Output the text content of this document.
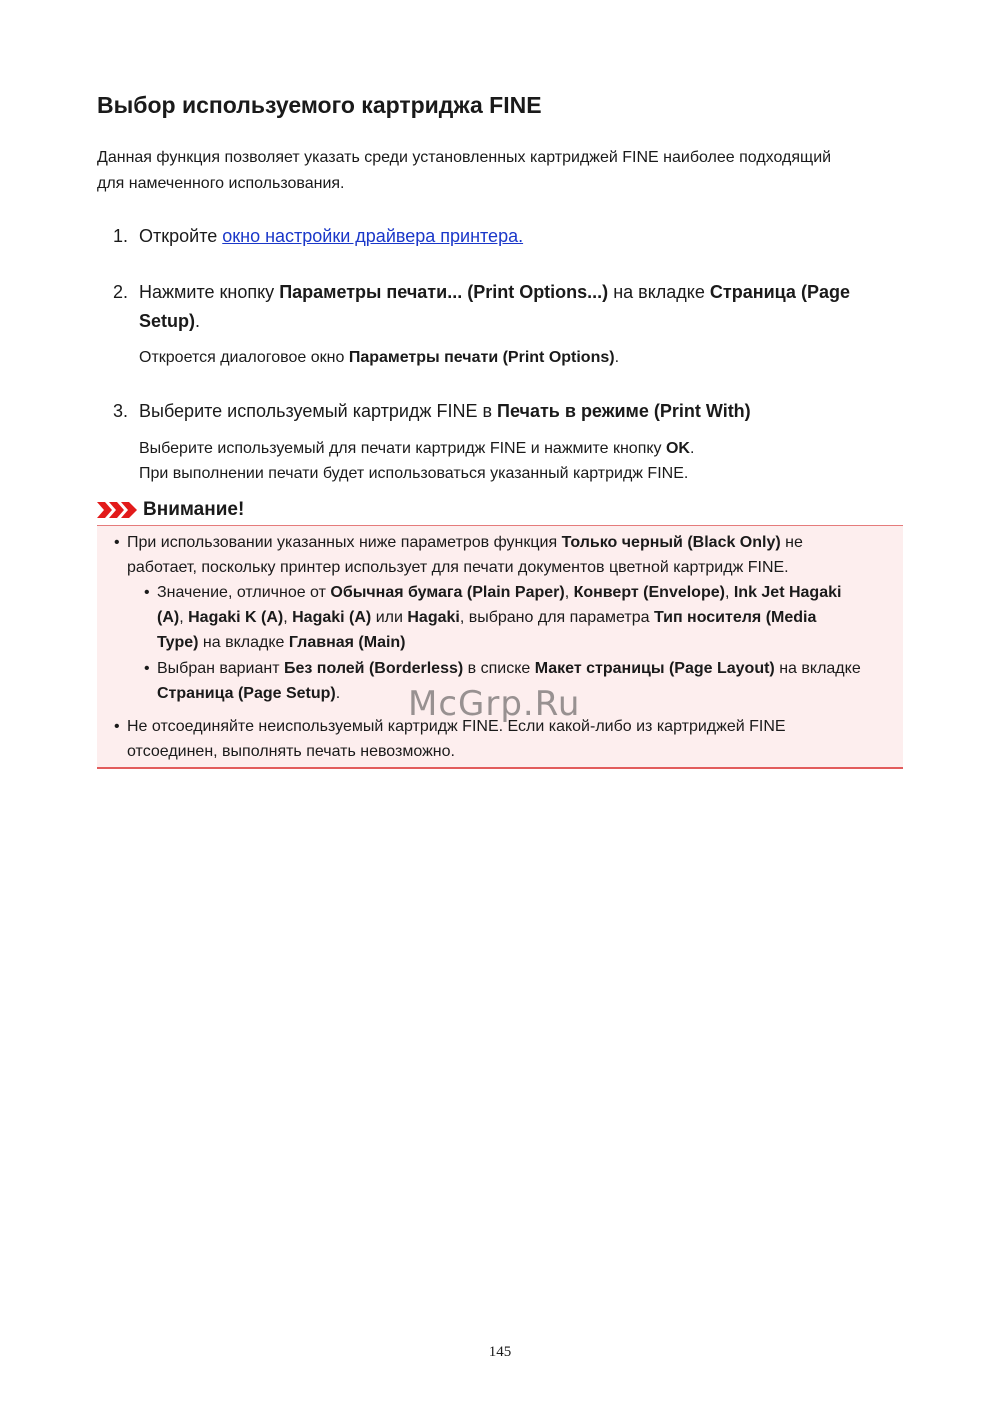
Выбор используемого картриджа FINE
Данная функция позволяет указать среди установленных картриджей FINE наиболее подходящий
для намеченного использования.
1. Откройте окно настройки драйвера принтера.
2. Нажмите кнопку Параметры печати... (Print Options...) на вкладке Страница (Page
Setup).
Откроется диалоговое окно Параметры печати (Print Options).
3. Выберите используемый картридж FINE в Печать в режиме (Print With)
Выберите используемый для печати картридж FINE и нажмите кнопку OK.
При выполнении печати будет использоваться указанный картридж FINE.
Внимание!
• При использовании указанных ниже параметров функция Только черный (Black Only) не
работает, поскольку принтер использует для печати документов цветной картридж FINE.
• Значение, отличное от Обычная бумага (Plain Paper), Конверт (Envelope), Ink Jet Hagaki
(A), Hagaki K (A), Hagaki (A) или Hagaki, выбрано для параметра Тип носителя (Media
Type) на вкладке Главная (Main)
• Выбран вариант Без полей (Borderless) в списке Макет страницы (Page Layout) на вкладке
Страница (Page Setup).
• Не отсоединяйте неиспользуемый картридж FINE. Если какой-либо из картриджей FINE
отсоединен, выполнять печать невозможно.
McGrp.Ru
145
